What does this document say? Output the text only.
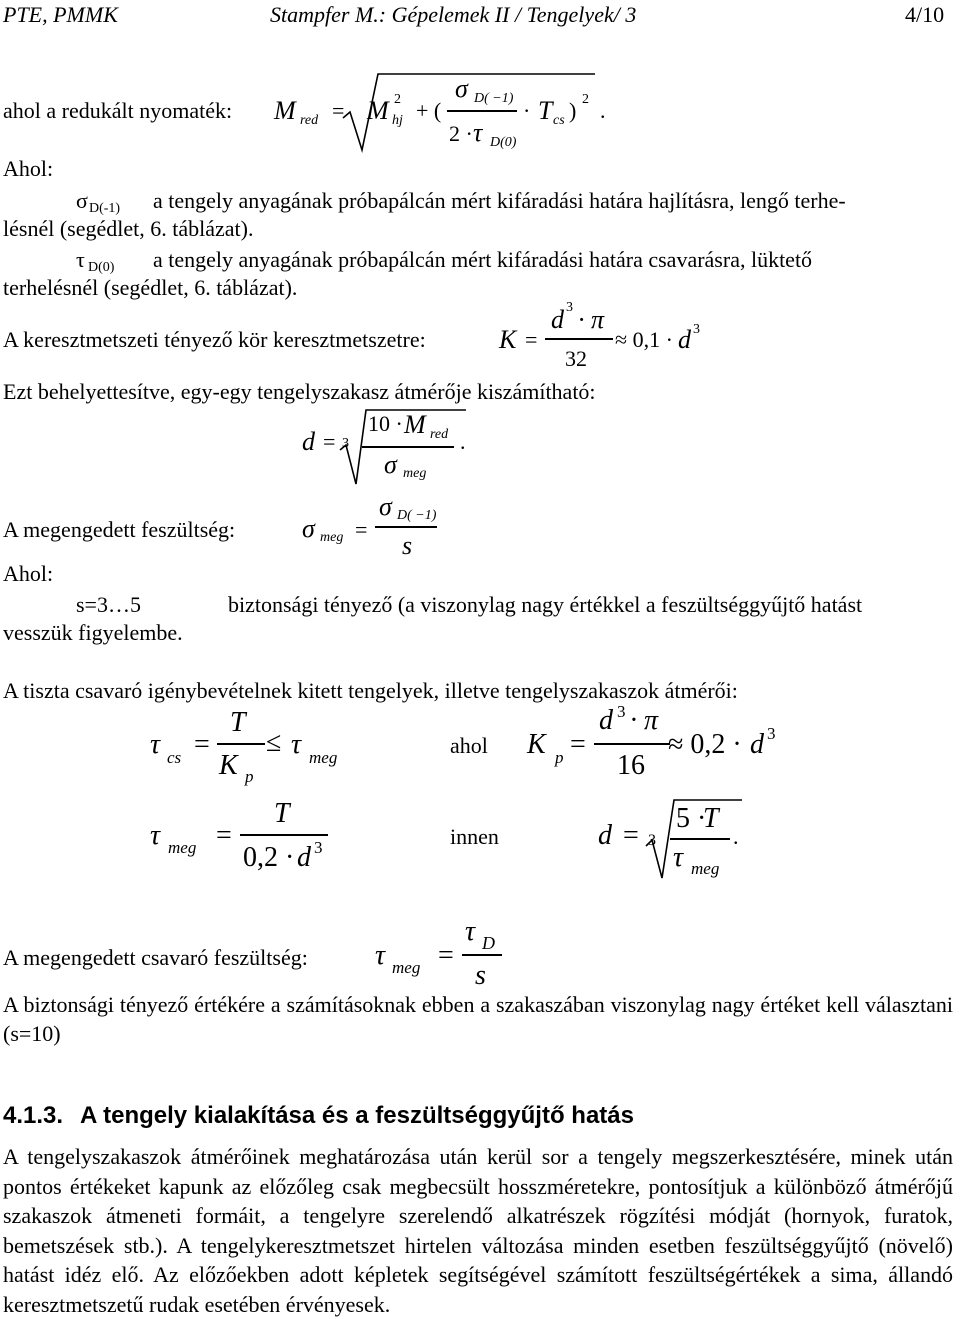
PTE, PMMK	Stampfer M.: Gépelemek II / Tengelyek/ 3	4/10
ahol a redukált nyomaték: M red = M hj
2 + (
σ D( −1)
2 · τ D(0)
· T cs ) 2 .
Ahol:
σ D(-1) a tengely anyagának próbapálcán mért kifáradási határa hajlításra, lengő terhe-
lésnél (segédlet, 6. táblázat).
τ D(0) a tengely anyagának próbapálcán mért kifáradási határa csavarásra, lüktető
terhelésnél (segédlet, 6. táblázat).
A keresztmetszeti tényező kör keresztmetszetre:	K =
d 3 · π
32
≈ 0,1 · d 3
Ezt behelyettesítve, egy-egy tengelyszakasz átmérője kiszámítható:
d = 3
10 · M red
σ meg
.
A megengedett feszültség:	σ meg =
σ D( −1)
s
Ahol:
s=3…5	biztonsági tényező (a viszonylag nagy értékkel a feszültséggyűjtő hatást
vesszük figyelembe.
A tiszta csavaró igénybevételnek kitett tengelyek, illetve tengelyszakaszok átmérői:
τ cs =
T
K p
≤ τ meg	ahol K p =
d 3 · π
16
≈ 0,2 · d 3
τ meg =
T
0,2 · d 3	innen	d = 3
5 ·
T
τ meg
.
A megengedett csavaró feszültség: τ meg =
τ D
s
A biztonsági tényező értékére a számításoknak ebben a szakaszában viszonylag nagy értéket kell választani (s=10)
4.1.3. A tengely kialakítása és a feszültséggyűjtő hatás
A tengelyszakaszok átmérőinek meghatározása után kerül sor a tengely megszerkesztésére, minek után pontos értékeket kapunk az előzőleg csak megbecsült hosszméretekre, pontosítjuk a különböző átmérőjű szakaszok átmeneti formáit, a tengelyre szerelendő alkatrészek rögzítési módját (hornyok, furatok, bemetszések stb.). A tengelykeresztmetszet hirtelen változása minden esetben feszültséggyűjtő (növelő) hatást idéz elő. Az előzőekben adott képletek segítségével számított feszültségértékek a sima, állandó keresztmetszetű rudak esetében érvényesek.
